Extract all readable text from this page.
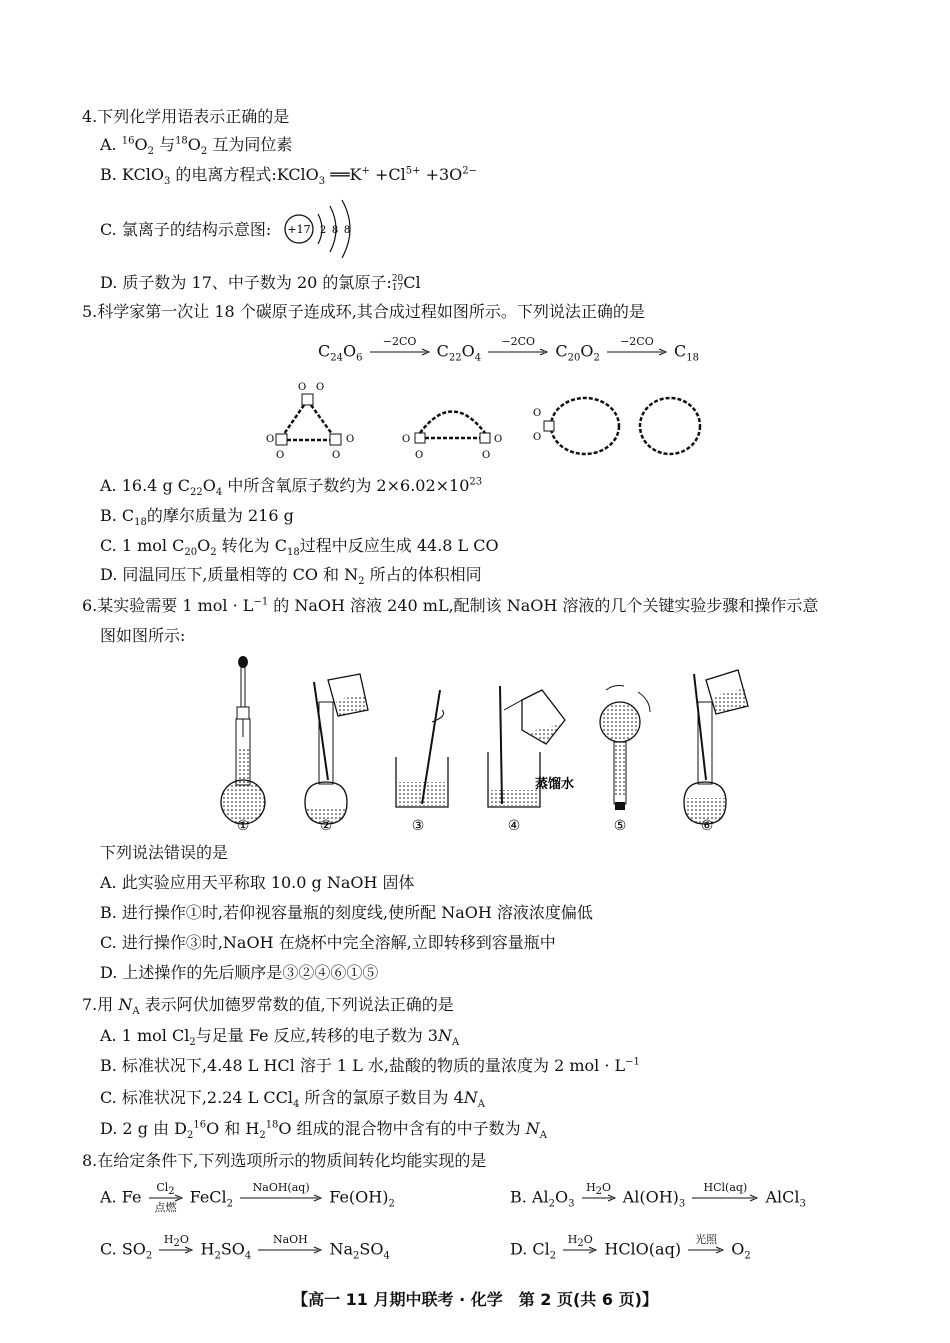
4.下列化学用语表示正确的是
A. $^{16}O_2$ 与$^{18}O_2$ 互为同位素
B. KClO$_3$ 的电离方程式:KClO$_3$ ══K+ $+Cl^{5+} +3O^{2-}$
C. 氯离子的结构示意图: +17 2 8 8
D. 质子数为 17、中子数为 20 的氯原子: 20
17 Cl
5.科学家第一次让 18 个碳原子连成环,其合成过程如图所示。下列说法正确的是
$C_{24}O_6$
−2CO $C_{22}O_4$
−2CO $C_{20}O_2$
−2CO $C_{18}$
O O
O
O
O
O
O
O
O
O
O
O
A. 16.4 g $C_{22}O_4$ 中所含氧原子数约为 $2\times 6.02\times 10^{23}$
B. $C_{18}$的摩尔质量为 216 g
C. 1 mol $C_{20}O_2$ 转化为 $C_{18}$过程中反应生成 44.8 L CO
D. 同温同压下,质量相等的 CO 和 $N_2$ 所占的体积相同
6.某实验需要 1 mol · $L^{-1}$ 的 NaOH 溶液 240 mL,配制该 NaOH 溶液的几个关键实验步骤和操作示意
图如图所示:
①	②	③
蒸馏水
④	⑤	⑥
下列说法错误的是
A. 此实验应用天平称取 10.0 g NaOH 固体
B. 进行操作①时,若仰视容量瓶的刻度线,使所配 NaOH 溶液浓度偏低
C. 进行操作③时,NaOH 在烧杯中完全溶解,立即转移到容量瓶中
D. 上述操作的先后顺序是③②④⑥①⑤
7.用 $N_A$ 表示阿伏加德罗常数的值,下列说法正确的是
A. 1 mol $Cl_2$与足量 Fe 反应,转移的电子数为 $3N_A$
B. 标准状况下,4.48 L HCl 溶于 1 L 水,盐酸的物质的量浓度为 2 mol · $L^{-1}$
C. 标准状况下,2.24 L CCl$_4$ 所含的氯原子数目为 $4N_A$
D. 2 g 由 $D_2^{16}O$ 和 $H_2^{18}O$ 组成的混合物中含有的中子数为 $N_A$
8.在给定条件下,下列选项所示的物质间转化均能实现的是
A. Fe $Cl_2$
点燃
FeCl$_2$
NaOH(aq) $Fe(OH)_2$	B. $Al_2O_3$
$H_2O$ $Al(OH)_3$
HCl(aq) AlCl$_3$
C. $SO_2$
$H_2O$ $H_2SO_4$
NaOH $Na_2SO_4$	D. $Cl_2$
$H_2O$ HClO(aq) 光照 $O_2$
【高一 11 月期中联考 · 化学　第 2 页(共 6 页)】
